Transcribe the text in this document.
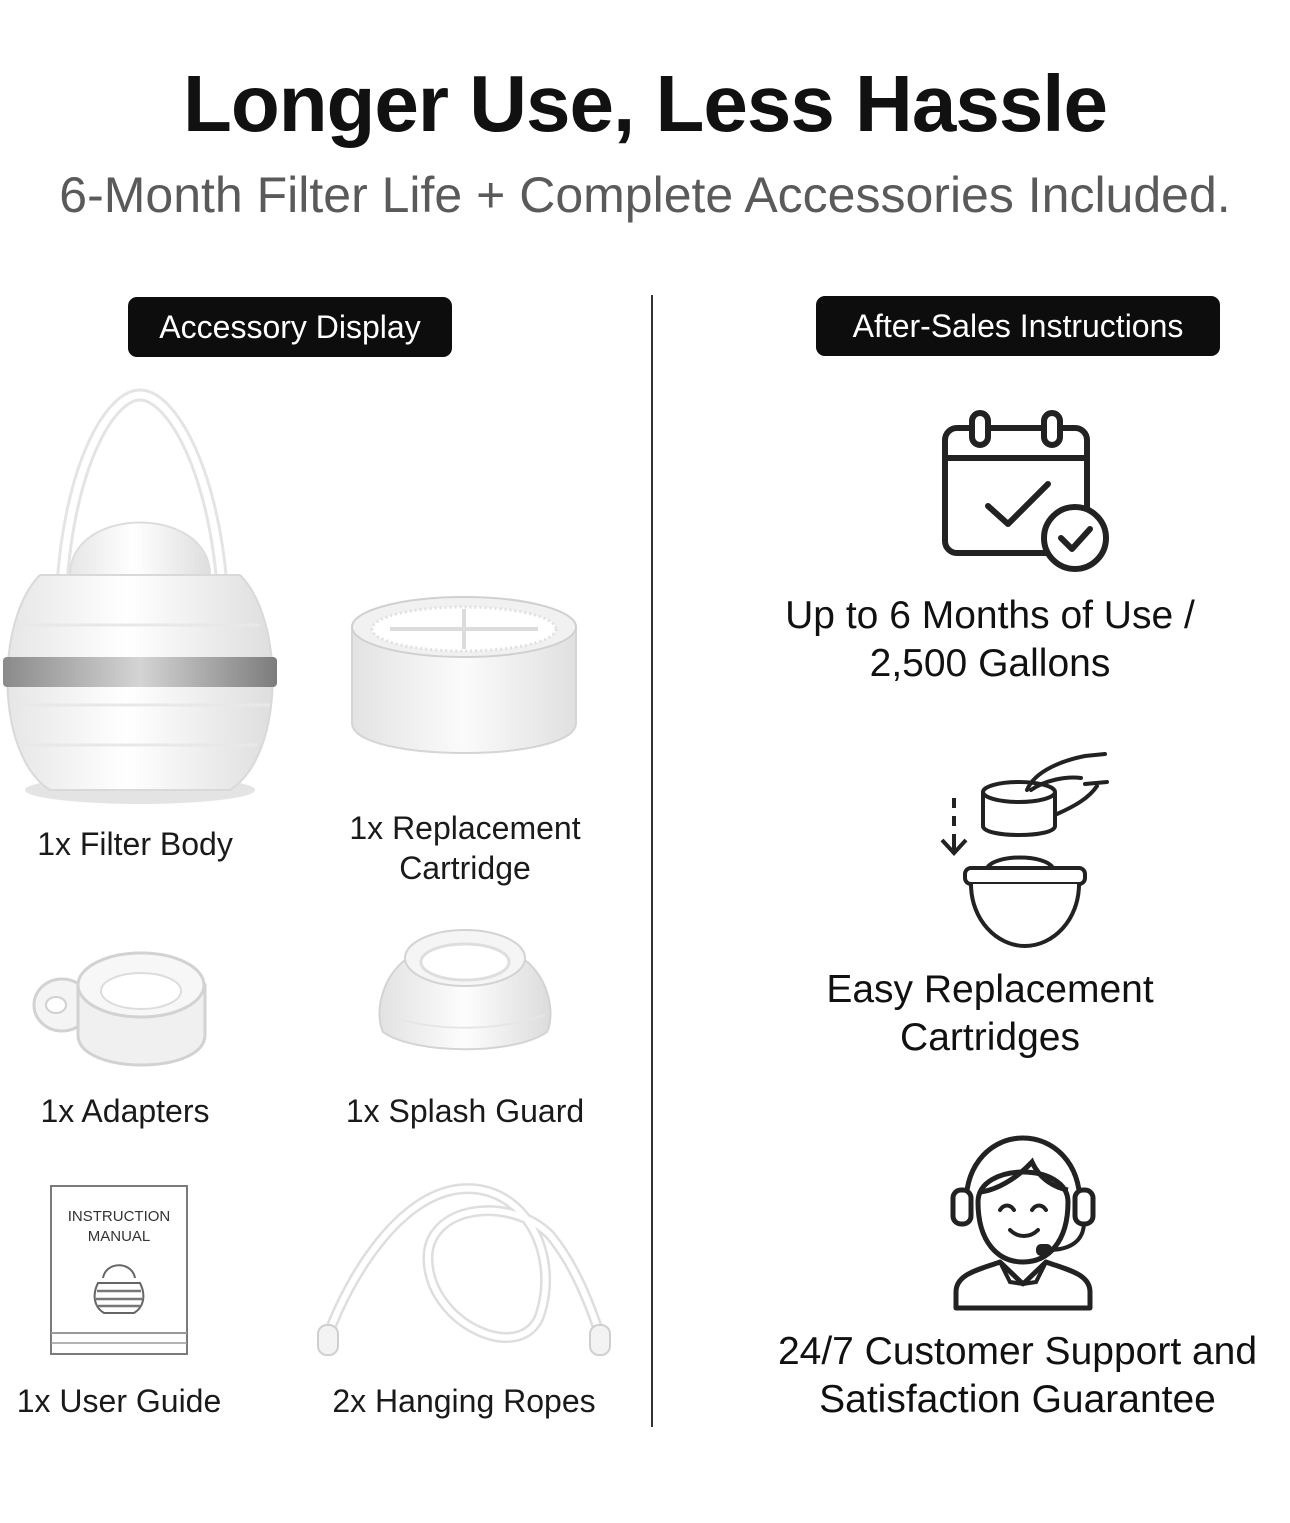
Longer Use, Less Hassle

6-Month Filter Life + Complete Accessories Included.

Accessory Display	After-Sales Instructions
INSTRUCTION
MANUAL
1x Filter Body	1x Replacement Cartridge
1x Adapters	1x Splash Guard
1x User Guide	2x Hanging Ropes
Up to 6 Months of Use /
2,500 Gallons
Easy Replacement
Cartridges
24/7 Customer Support and
Satisfaction Guarantee
